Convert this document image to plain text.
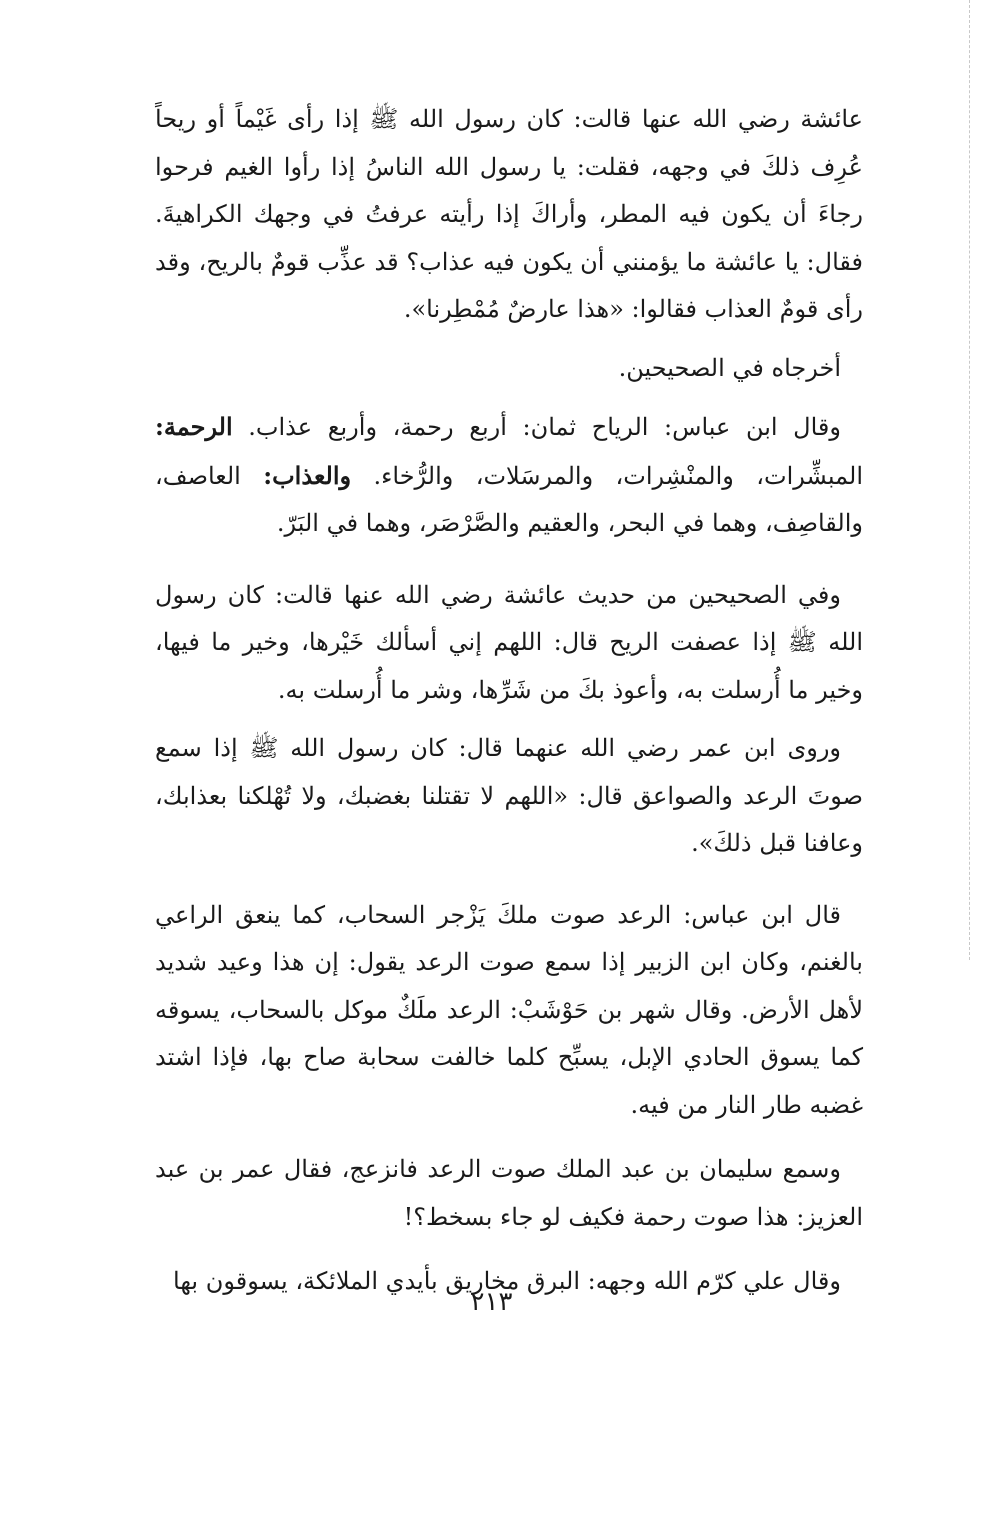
عائشة رضي الله عنها قالت: كان رسول الله ﷺ إذا رأى غَيْماً أو ريحاً عُرِف ذلكَ في وجهه، فقلت: يا رسول الله الناسُ إذا رأوا الغيم فرحوا رجاءَ أن يكون فيه المطر، وأراكَ إذا رأيته عرفتُ في وجهك الكراهيةَ. فقال: يا عائشة ما يؤمنني أن يكون فيه عذاب؟ قد عذِّب قومٌ بالريح، وقد رأى قومٌ العذاب فقالوا: «هذا عارضٌ مُمْطِرنا».

أخرجاه في الصحيحين.

وقال ابن عباس: الرياح ثمان: أربع رحمة، وأربع عذاب. الرحمة: المبشِّرات، والمنْشِرات، والمرسَلات، والرُّخاء. والعذاب: العاصف، والقاصِف، وهما في البحر، والعقيم والصَّرْصَر، وهما في البَرّ.

وفي الصحيحين من حديث عائشة رضي الله عنها قالت: كان رسول الله ﷺ إذا عصفت الريح قال: اللهم إني أسألك خَيْرها، وخير ما فيها، وخير ما أُرسلت به، وأعوذ بكَ من شَرِّها، وشر ما أُرسلت به.

وروى ابن عمر رضي الله عنهما قال: كان رسول الله ﷺ إذا سمع صوتَ الرعد والصواعق قال: «اللهم لا تقتلنا بغضبك، ولا تُهْلكنا بعذابك، وعافنا قبل ذلكَ».

قال ابن عباس: الرعد صوت ملكَ يَزْجر السحاب، كما ينعق الراعي بالغنم، وكان ابن الزبير إذا سمع صوت الرعد يقول: إن هذا وعيد شديد لأهل الأرض. وقال شهر بن حَوْشَبْ: الرعد ملَكٌ موكل بالسحاب، يسوقه كما يسوق الحادي الإبل، يسبِّح كلما خالفت سحابة صاح بها، فإذا اشتد غضبه طار النار من فيه.

وسمع سليمان بن عبد الملك صوت الرعد فانزعج، فقال عمر بن عبد العزيز: هذا صوت رحمة فكيف لو جاء بسخط؟!

وقال علي كرّم الله وجهه: البرق مخاريق بأيدي الملائكة، يسوقون بها

٢١٣
